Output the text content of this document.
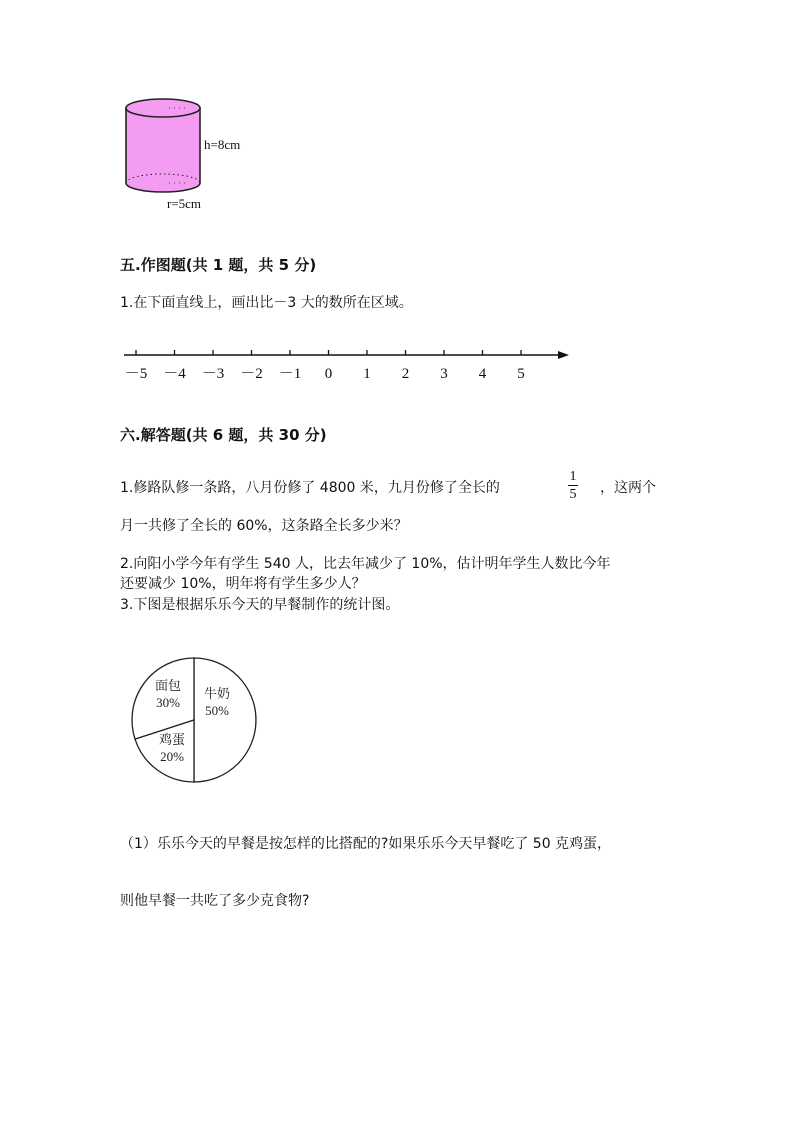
· · · ·
· · · ·
h=8cm
r=5cm
五.作图题(共 1 题，共 5 分)
1.在下面直线上，画出比－3 大的数所在区域。
－5 －4 －3 －2 －1 0 1 2 3 4 5
六.解答题(共 6 题，共 30 分)
1.修路队修一条路，八月份修了 4800 米，九月份修了全长的
1
5 ，这两个
月一共修了全长的 60%，这条路全长多少米？
2.向阳小学今年有学生 540 人，比去年减少了 10%，估计明年学生人数比今年
还要减少 10%，明年将有学生多少人？
3.下图是根据乐乐今天的早餐制作的统计图。
牛奶
50%
面包
30%
鸡蛋
20%
（1）乐乐今天的早餐是按怎样的比搭配的?如果乐乐今天早餐吃了 50 克鸡蛋，
则他早餐一共吃了多少克食物?
